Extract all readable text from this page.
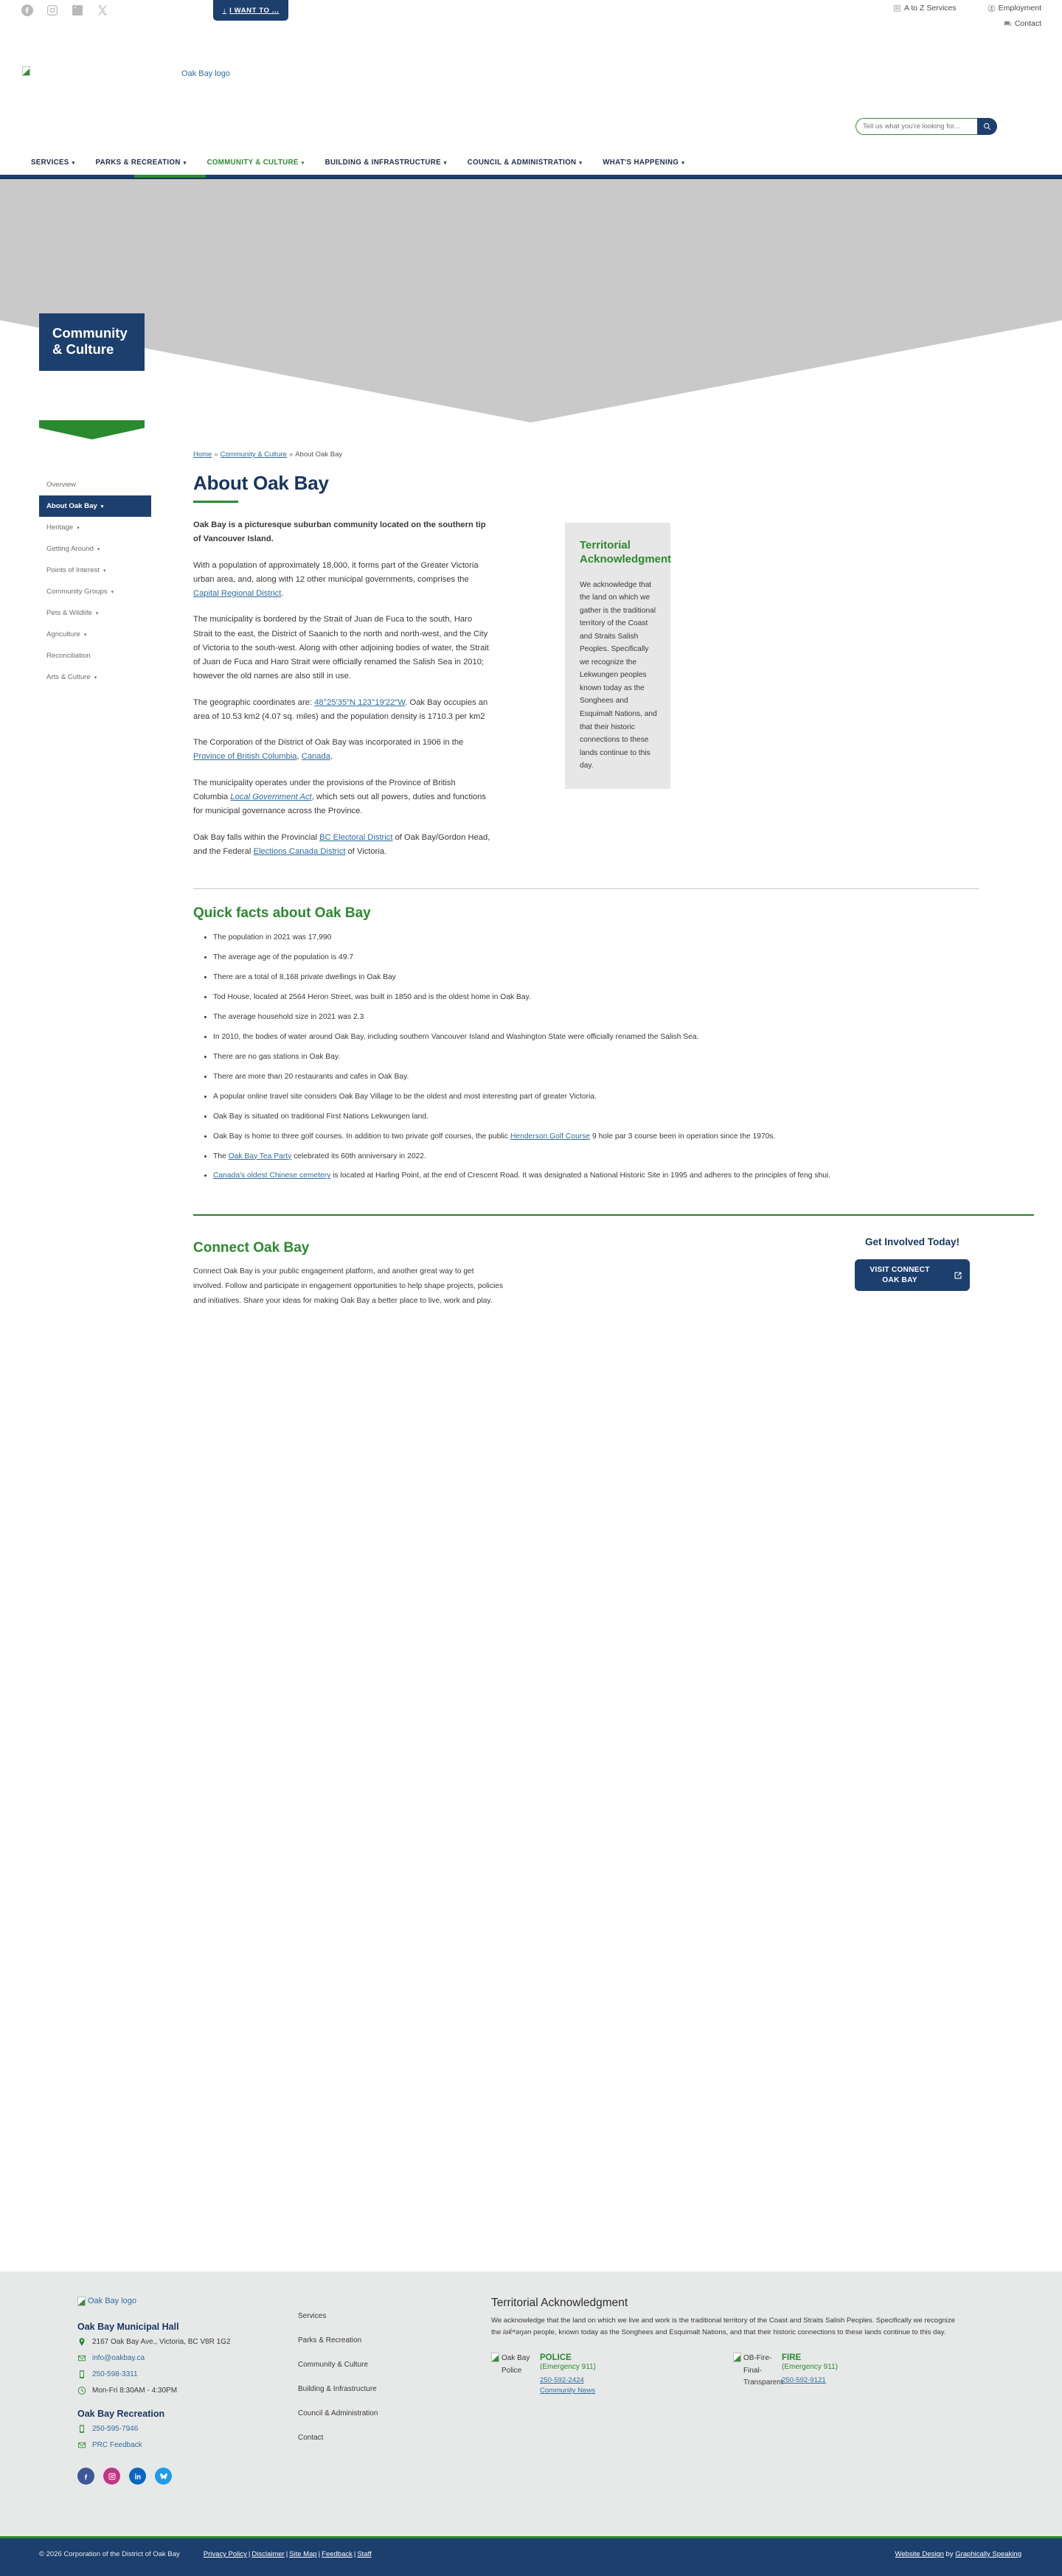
↓ I WANT TO ...	A to Z Services	Employment
Contact
Oak Bay logo
Tell us what you're looking for...
SERVICES ▾	PARKS & RECREATION ▾	COMMUNITY & CULTURE ▾	BUILDING & INFRASTRUCTURE ▾	COUNCIL & ADMINISTRATION ▾	WHAT'S HAPPENING ▾
Community
& Culture
Overview
About Oak Bay ▾
Heritage ▾
Getting Around ▾
Points of Interest ▾
Community Groups ▾
Pets & Wildlife ▾
Agriculture ▾
Reconciliation
Arts & Culture ▾
Home » Community & Culture » About Oak Bay
About Oak Bay

Oak Bay is a picturesque suburban community located on the southern tip of Vancouver Island.

With a population of approximately 18,000, it forms part of the Greater Victoria urban area, and, along with 12 other municipal governments, comprises the Capital Regional District.

The municipality is bordered by the Strait of Juan de Fuca to the south, Haro Strait to the east, the District of Saanich to the north and north-west, and the City of Victoria to the south-west. Along with other adjoining bodies of water, the Strait of Juan de Fuca and Haro Strait were officially renamed the Salish Sea in 2010; however the old names are also still in use.

The geographic coordinates are: 48°25′35″N 123°19′22″W. Oak Bay occupies an area of 10.53 km2 (4.07 sq. miles) and the population density is 1710.3 per km2

The Corporation of the District of Oak Bay was incorporated in 1906 in the Province of British Columbia, Canada.

The municipality operates under the provisions of the Province of British Columbia Local Government Act, which sets out all powers, duties and functions for municipal governance across the Province.

Oak Bay falls within the Provincial BC Electoral District of Oak Bay/Gordon Head, and the Federal Elections Canada District of Victoria.

Territorial Acknowledgment

We acknowledge that the land on which we gather is the traditional territory of the Coast and Straits Salish Peoples. Specifically we recognize the Lekwungen peoples known today as the Songhees and Esquimalt Nations, and that their historic connections to these lands continue to this day.

Quick facts about Oak Bay
• The population in 2021 was 17,990
• The average age of the population is 49.7
• There are a total of 8,168 private dwellings in Oak Bay
• Tod House, located at 2564 Heron Street, was built in 1850 and is the oldest home in Oak Bay.
• The average household size in 2021 was 2.3
• In 2010, the bodies of water around Oak Bay, including southern Vancouver Island and Washington State were officially renamed the Salish Sea.
• There are no gas stations in Oak Bay.
• There are more than 20 restaurants and cafes in Oak Bay.
• A popular online travel site considers Oak Bay Village to be the oldest and most interesting part of greater Victoria.
• Oak Bay is situated on traditional First Nations Lekwungen land.
• Oak Bay is home to three golf courses. In addition to two private golf courses, the public Henderson Golf Course 9 hole par 3 course been in operation since the 1970s.
• The Oak Bay Tea Party celebrated its 60th anniversary in 2022.
• Canada's oldest Chinese cemetery is located at Harling Point, at the end of Crescent Road. It was designated a National Historic Site in 1995 and adheres to the principles of feng shui.
Connect Oak Bay

Connect Oak Bay is your public engagement platform, and another great way to get involved. Follow and participate in engagement opportunities to help shape projects, policies and initiatives. Share your ideas for making Oak Bay a better place to live, work and play.

Get Involved Today!
VISIT CONNECT OAK BAY
Oak Bay logo
Oak Bay Municipal Hall
2167 Oak Bay Ave., Victoria, BC V8R 1G2
info@oakbay.ca
250-598-3311
Mon-Fri 8:30AM - 4:30PM
Oak Bay Recreation
250-595-7946
PRC Feedback
Services
Parks & Recreation
Community & Culture
Building & Infrastructure
Council & Administration
Contact
Territorial Acknowledgment

We acknowledge that the land on which we live and work is the traditional territory of the Coast and Straits Salish Peoples. Specifically we recognize the lək̓ʷəŋən people, known today as the Songhees and Esquimalt Nations, and that their historic connections to these lands continue to this day.

Oak Bay Police
POLICE
(Emergency 911)
250-592-2424
Community News
OB-Fire-Final-Transparent
FIRE
(Emergency 911)
250-592-9121
© 2026 Corporation of the District of Oak Bay	Privacy Policy | Disclaimer | Site Map | Feedback | Staff	Website Design by Graphically Speaking
